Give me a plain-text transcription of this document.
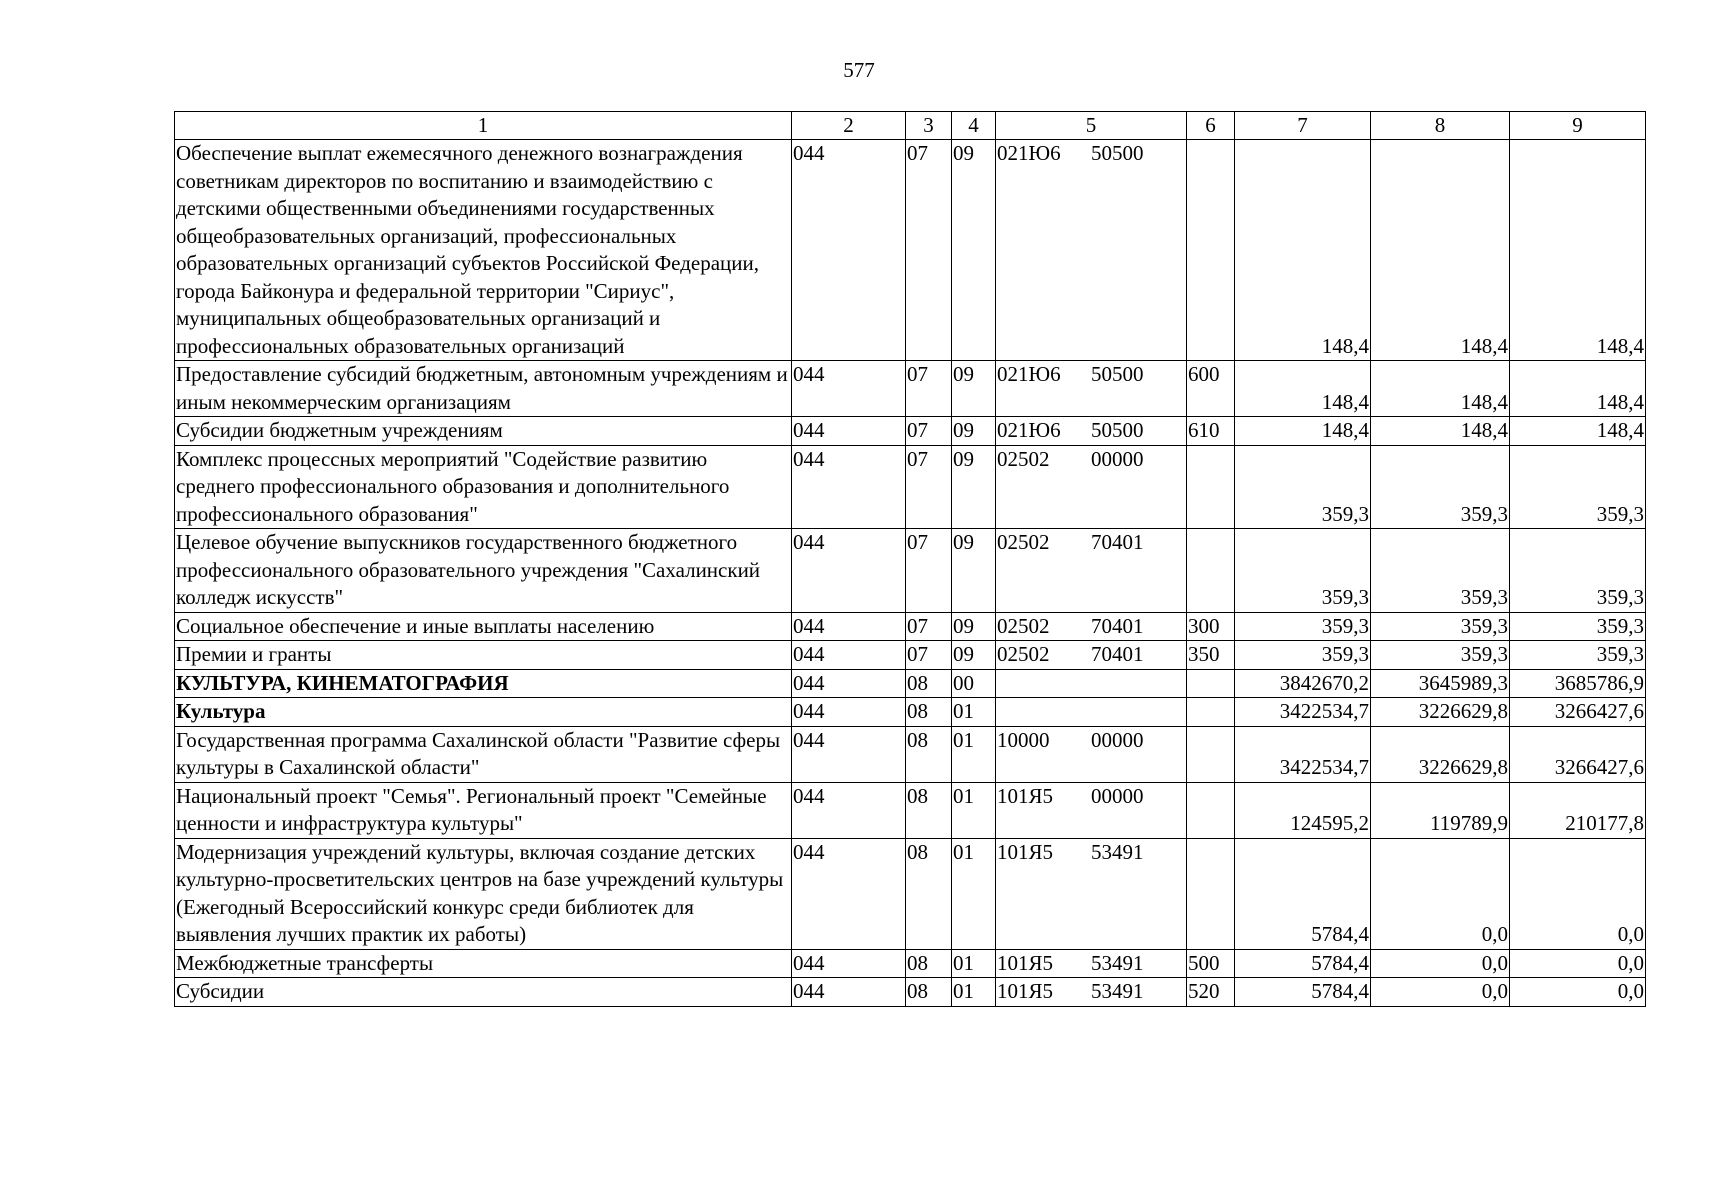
577
1	2	3	4	5	6	7	8	9
Обеспечение выплат ежемесячного денежного вознаграждения советникам директоров по воспитанию и взаимодействию с детскими общественными объединениями государственных общеобразовательных организаций, профессиональных образовательных организаций субъектов Российской Федерации, города Байконура и федеральной территории "Сириус", муниципальных общеобразовательных организаций и профессиональных образовательных организаций	044	07	09	021Ю6 50500		148,4	148,4	148,4
Предоставление субсидий бюджетным, автономным учреждениям и иным некоммерческим организациям	044	07	09	021Ю6 50500	600	148,4	148,4	148,4
Субсидии бюджетным учреждениям	044	07	09	021Ю6 50500	610	148,4	148,4	148,4
Комплекс процессных мероприятий "Содействие развитию среднего профессионального образования и дополнительного профессионального образования"	044	07	09	02502 00000		359,3	359,3	359,3
Целевое обучение выпускников государственного бюджетного профессионального образовательного учреждения "Сахалинский колледж искусств"	044	07	09	02502 70401		359,3	359,3	359,3
Социальное обеспечение и иные выплаты населению	044	07	09	02502 70401	300	359,3	359,3	359,3
Премии и гранты	044	07	09	02502 70401	350	359,3	359,3	359,3
КУЛЬТУРА, КИНЕМАТОГРАФИЯ	044	08	00			3842670,2	3645989,3	3685786,9
Культура	044	08	01			3422534,7	3226629,8	3266427,6
Государственная программа Сахалинской области "Развитие сферы культуры в Сахалинской области"	044	08	01	10000 00000		3422534,7	3226629,8	3266427,6
Национальный проект "Семья". Региональный проект "Семейные ценности и инфраструктура культуры"	044	08	01	101Я5 00000		124595,2	119789,9	210177,8
Модернизация учреждений культуры, включая создание детских культурно-просветительских центров на базе учреждений культуры (Ежегодный Всероссийский конкурс среди библиотек для выявления лучших практик их работы)	044	08	01	101Я5 53491		5784,4	0,0	0,0
Межбюджетные трансферты	044	08	01	101Я5 53491	500	5784,4	0,0	0,0
Субсидии	044	08	01	101Я5 53491	520	5784,4	0,0	0,0
